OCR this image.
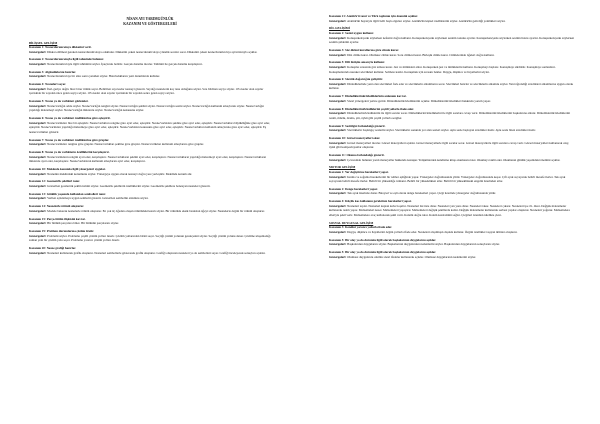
NİSAN AYI YARIMGÜNLÜK
KAZANIM VE GÖSTERGELERİ
BİLİŞSEL GELİŞİM
Kazanım 1: Nesne/durum/olaya dikkatini verir.
Göstergeleri: Dikkat edilmesi gereken nesne/durum/olaya odaklanır. Dikkatini çeken nesne/durum/olaya yönelik sorular sorar. Dikkatini çeken nesne/durum/olayı ayrıntılarıyla açıklar.
Kazanım 2: Nesne/durum/olayla ilgili tahminde bulunur.
Göstergeleri: Nesne/durum/olayla ilgili tahminini söyler. İpuçlarını belirtir. Gerçek durumu inceler. Tahmini ile gerçek durumu karşılaştırır.
Kazanım 3: Algıladıklarını hatırlar.
Göstergeleri: Nesne/durum/olayı bir süre sonra yeniden söyler. Hatırladıklarını yeni durumlarda kullanır.
Kazanım 4: Nesneleri sayar.
Göstergeleri: İleri-geriye doğru birer birer ritmik sayar. Belirtilen sayı kadar nesneyi gösterir. Saydığı nesnelerin kaç tane olduğunu söyler. Sıra bildiren sayıyı söyler. 10'a kadar olan sayılar içerisinde bir sayıdan önce gelen sayıyı söyler. 10'a kadar olan sayılar içerisinde bir sayıdan sonra gelen sayıyı söyler.
Kazanım 5: Nesne ya da varlıkları gözlemler.
Göstergeleri: Nesne/varlığın adını söyler. Nesne/varlığın rengini söyler. Nesne/varlığın şeklini söyler. Nesne/varlığın sesini söyler. Nesne/varlığın kullanım amaçlarını söyler. Nesne/varlığın yapıldığı malzemeyi söyler. Nesne/varlığın miktarını söyler. Nesne/varlığın kokusunu söyler.
Kazanım 6: Nesne ya da varlıkları özelliklerine göre eşleştirir.
Göstergeleri: Nesne/varlıkları bire bir eşleştirir. Nesne/varlıkları rengine göre ayırt eder, eşleştirir. Nesne/varlıkları şekline göre ayırt eder, eşleştirir. Nesne/varlıkları büyüklüğüne göre ayırt eder, eşleştirir. Nesne/varlıkları yapıldığı malzemeye göre ayırt eder, eşleştirir. Nesne/varlıkları kokusuna göre ayırt eder, eşleştirir. Nesne/varlıkları kullanım amaçlarına göre ayırt eder, eşleştirir. Eş nesne/varlıkları gösterir.
Kazanım 7: Nesne ya da varlıkları özelliklerine göre gruplar.
Göstergeleri: Nesne/varlıkları rengine göre gruplar. Nesne/varlıkları şekline göre gruplar. Nesne/varlıkları kullanım amaçlarına göre gruplar.
Kazanım 8: Nesne ya da varlıkların özelliklerini karşılaştırır.
Göstergeleri: Nesne/varlıkların rengini ayırt eder, karşılaştırır. Nesne/varlıkların şeklini ayırt eder, karşılaştırır. Nesne/varlıkların yapıldığı malzemeyi ayırt eder, karşılaştırır. Nesne/varlıkların miktarını ayırt eder, karşılaştırır. Nesne/varlıkların kullanım amaçlarını ayırt eder, karşılaştırır.
Kazanım 10: Mekânda konumla ilgili yönergeleri uygular.
Göstergeleri: Nesnenin mekândaki konumunu söyler. Yönergeye uygun olarak nesneyi doğru yere yerleştirir. Mekânda konum alır.
Kazanım 12: Geometrik şekilleri tanır.
Göstergeleri: Gösterilen geometrik şeklin ismini söyler. Geometrik şekillerin özelliklerini söyler. Geometrik şekillere benzeyen nesneleri gösterir.
Kazanım 13: Günlük yaşamda kullanılan sembolleri tanır.
Göstergeleri: Verilen açıklamaya uygun sembolü gösterir. Gösterilen sembolün anlamını söyler.
Kazanım 14: Nesnelerle örüntü oluşturur.
Göstergeleri: Modele bakarak nesnelerle örüntü oluşturur. En çok üç öğeden oluşan örüntüdeki kuralı söyler. Bir örüntüde eksik bırakılan öğeyi söyler. Nesnelerle özgün bir örüntü oluşturur.
Kazanım 15: Parça-bütün ilişkisini kavrar.
Göstergeleri: Bir bütünü parçalara böler. Bir bütünün parçalarını söyler.
Kazanım 19: Problem durumlarına çözüm üretir.
Göstergeleri: Problemi söyler. Probleme çeşitli çözüm yolları önerir. Çözüm yollarından birini seçer. Seçtiği çözüm yolunun gerekçesini söyler. Seçtiği çözüm yolunu dener. Çözüme ulaşamadığı zaman yeni bir çözüm yolu seçer. Probleme yaratıcı çözüm yolları önerir.
Kazanım 20: Nesne grafiği hazırlar.
Göstergeleri: Nesneleri kullanarak grafik oluşturur. Nesneleri sembollerle göstererek grafik oluşturur. Grafiği oluşturan nesneleri ya da sembolleri sayar. Grafiği inceleyerek sonuçları açıklar.
Kazanım 21: Atatürk'ü tanır ve Türk toplumu için önemini açıklar.
Göstergeleri: Atatürk'ün hayatıyla ilgili belli başlı olguları söyler. Atatürk'ün kişisel özelliklerini söyler. Atatürk'ün getirdiği yenilikleri söyler.
DİL GELİŞİMİ
Kazanım 2: Sesini uygun kullanır.
Göstergeleri: Konuşurken/şarkı söylerken nefesini doğru kullanır. Konuşurken/şarkı söylerken sesinin tonunu ayarlar. Konuşurken/şarkı söylerken sesinin hızını ayarlar. Konuşurken/şarkı söylerken sesinin şiddetini ayarlar.
Kazanım 3: Söz dizimi kurallarına göre cümle kurar.
Göstergeleri: Düz cümle kurar. Olumsuz cümle kurar. Soru cümlesi kurar. Birleşik cümle kurar. Cümlelerinde öğeleri doğru kullanır.
Kazanım 5: Dili iletişim amacıyla kullanır.
Göstergeleri: Konuşma sırasında göz teması kurar. Jest ve mimikleri anlar. Konuşurken jest ve mimiklerini kullanır. Konuşmayı başlatır. Konuşmayı sürdürür. Konuşmayı sonlandırır. Konuşmalarında nezaket sözcükleri kullanır. Sohbete katılır. Konuşmak için sırasını bekler. Duygu, düşünce ve hayallerini söyler.
Kazanım 6: Sözcük dağarcığını geliştirir.
Göstergeleri: Dinlediklerinde yeni olan sözcükleri fark eder ve sözcüklerin anlamlarını sorar. Sözcükleri hatırlar ve sözcüklerin anlamını söyler. Yeni öğrendiği sözcükleri anlamlarına uygun olarak kullanır.
Kazanım 7: Dinlediklerinin/izlediklerinin anlamını kavrar.
Göstergeleri: Sözel yönergeleri yerine getirir. Dinlediklerini/izlediklerini açıklar. Dinlediklerini/izledikleri hakkında yorum yapar.
Kazanım 8: Dinlediklerini/izlediklerini çeşitli yollarla ifade eder.
Göstergeleri: Dinlediklerini/izlediklerini ile ilgili sorular sorar. Dinlediklerini/izlediklerini ile ilgili sorulara cevap verir. Dinlediklerini/izlediklerini başkalarına anlatır. Dinlediklerini/izlediklerini resim, müzik, drama, şiir, öykü gibi çeşitli yollarla sergiler.
Kazanım 9: Sesbilgisi farkındalığı gösterir.
Göstergeleri: Sözcüklerin başlangıç seslerini söyler. Sözcüklerin sonunda yer alan sesleri söyler. Aynı sesle başlayan sözcükler üretir. Aynı sesle biten sözcükler üretir.
Kazanım 10: Görsel materyalleri okur.
Göstergeleri: Görsel materyalleri inceler. Görsel materyalleri açıklar. Görsel materyallerle ilgili sorular sorar. Görsel materyallerle ilgili sorulara cevap verir. Görsel materyalleri kullanarak olay, öykü gibi kompozisyonlar oluşturur.
Kazanım 11: Okuma farkındalığı gösterir.
Göstergeleri: Çevresinde bulunan yazılı materyaller hakkında konuşur. Yetişkinlerden kendisine kitap okumasını ister. Okumayı taklit eder. Okumanın günlük yaşamdaki önemini açıklar.
MOTOR GELİŞİM
Kazanım 1: Yer değiştirme hareketleri yapar.
Göstergeleri: Isınma ve soğuma hareketlerini bir rehber eşliğinde yapar. Yönergeler doğrultusunda yürür. Yönergeler doğrultusunda koşar. Çift ayak sıçrayarak belirli mesafe ilerler. Tek ayak sıçrayarak belirli mesafe ilerler. Belirli bir yüksekliğe tırmanır. Belirli bir yükseklikten atlar. Belirli bir yükseklikteki engelin üzerinden atlar.
Kazanım 2: Denge hareketleri yapar.
Göstergeleri: Tek ayak üzerinde durur. Bireysel ve eşli olarak denge hareketleri yapar. Çizgi üzerinde yönergeler doğrultusunda yürür.
Kazanım 4: Küçük kas kullanımı gerektiren hareketleri yapar.
Göstergeleri: Nesneleri toplar. Nesneleri kaptan kaba boşaltır. Nesneleri üst üste dizer. Nesneleri yan yana dizer. Nesneleri takar. Nesneleri çıkarır. Nesneleri ipe vb. dizer. Değişik malzemeler kullanarak resim yapar. Malzemeleri keser. Malzemeleri yapıştırır. Malzemeleri değişik şekillerde katlar. Değişik malzemeler kullanarak serbest yapılar oluşturur. Nesneleri yoğurur. Malzemelere elleriyle şekil verir. Malzemelere araç kullanarak şekil verir. Kalemi doğru tutar. Kalem kontrolünü sağlar. Çizgileri istenilen nitelikte çizer.
SOSYAL DUYGUSAL GELİŞİM
Kazanım 3: Kendini yaratıcı yollarla ifade eder.
Göstergeleri: Duygu, düşünce ve hayallerini özgün yollarla ifade eder. Nesneleri alışılmışın dışında kullanır. Özgün özellikler taşıyan ürünler oluşturur.
Kazanım 5: Bir olay ya da durumla ilgili olarak başkalarının duygularını açıklar.
Göstergeleri: Başkalarının duygularını söyler. Başkalarının duygularının nedenlerini söyler. Başkalarının duygularının sonuçlarını söyler.
Kazanım 5: Bir olay ya da durumla ilgili olarak başkalarının duygularını açıklar.
Göstergeleri: Olumsuz duygularını olumlu sözel ifadeler kullanarak açıklar. Olumsuz duygularının nedenlerini söyler.
